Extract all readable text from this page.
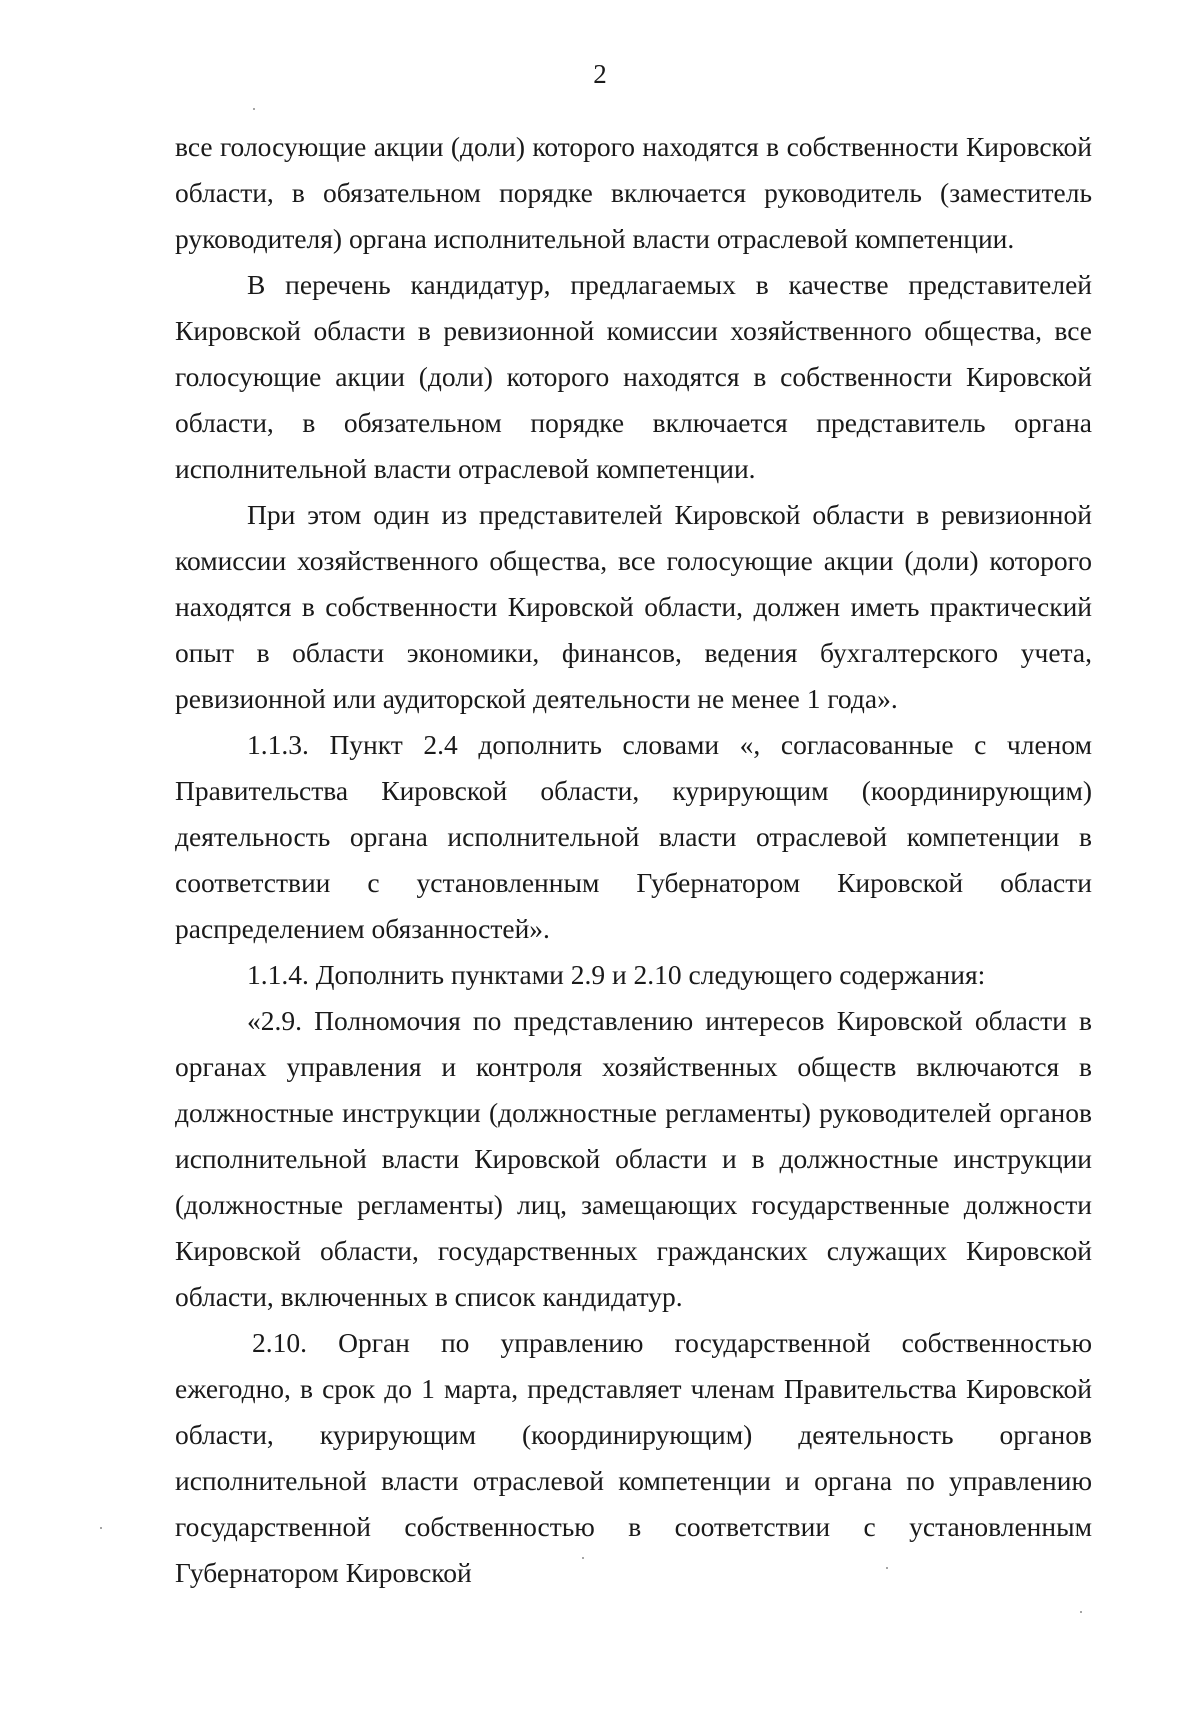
2

все голосующие акции (доли) которого находятся в собственности Кировской области, в обязательном порядке включается руководитель (заместитель руководителя) органа исполнительной власти отраслевой компетенции.

В перечень кандидатур, предлагаемых в качестве представителей Кировской области в ревизионной комиссии хозяйственного общества, все голосующие акции (доли) которого находятся в собственности Кировской области, в обязательном порядке включается представитель органа исполнительной власти отраслевой компетенции.

При этом один из представителей Кировской области в ревизионной комиссии хозяйственного общества, все голосующие акции (доли) которого находятся в собственности Кировской области, должен иметь практический опыт в области экономики, финансов, ведения бухгалтерского учета, ревизионной или аудиторской деятельности не менее 1 года».

1.1.3. Пункт 2.4 дополнить словами «, согласованные с членом Правительства Кировской области, курирующим (координирующим) деятельность органа исполнительной власти отраслевой компетенции в соответствии с установленным Губернатором Кировской области распределением обязанностей».

1.1.4. Дополнить пунктами 2.9 и 2.10 следующего содержания:

«2.9. Полномочия по представлению интересов Кировской области в органах управления и контроля хозяйственных обществ включаются в должностные инструкции (должностные регламенты) руководителей органов исполнительной власти Кировской области и в должностные инструкции (должностные регламенты) лиц, замещающих государственные должности Кировской области, государственных гражданских служащих Кировской области, включенных в список кандидатур.

2.10. Орган по управлению государственной собственностью ежегодно, в срок до 1 марта, представляет членам Правительства Кировской области, курирующим (координирующим) деятельность органов исполнительной власти отраслевой компетенции и органа по управлению государственной собственностью в соответствии с установленным Губернатором Кировской
